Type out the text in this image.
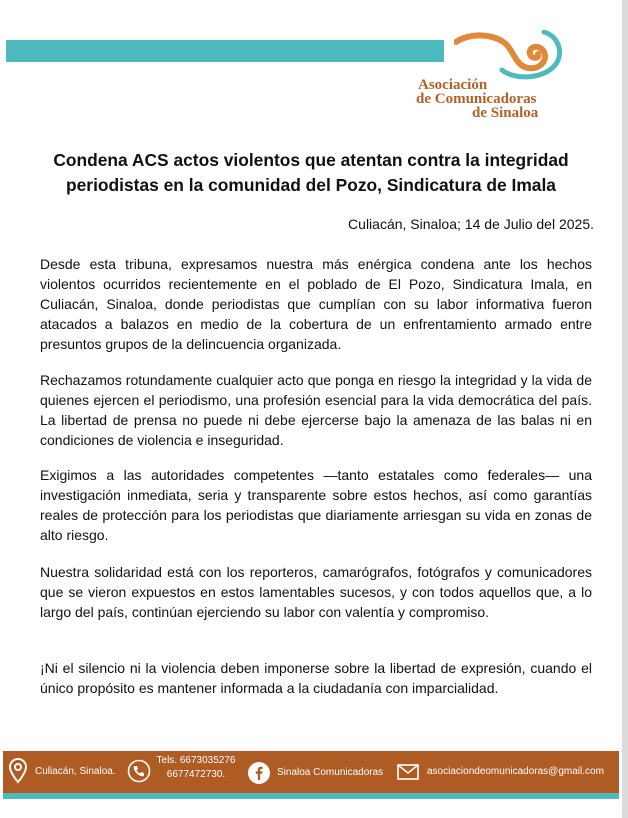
Asociación
de Comunicadoras
de Sinaloa
Condena ACS actos violentos que atentan contra la integridad
periodistas en la comunidad del Pozo, Sindicatura de Imala

Culiacán, Sinaloa; 14 de Julio del 2025.

Desde esta tribuna, expresamos nuestra más enérgica condena ante los hechos violentos ocurridos recientemente en el poblado de El Pozo, Sindicatura Imala, en Culiacán, Sinaloa, donde periodistas que cumplían con su labor informativa fueron atacados a balazos en medio de la cobertura de un enfrentamiento armado entre presuntos grupos de la delincuencia organizada.

Rechazamos rotundamente cualquier acto que ponga en riesgo la integridad y la vida de quienes ejercen el periodismo, una profesión esencial para la vida democrática del país. La libertad de prensa no puede ni debe ejercerse bajo la amenaza de las balas ni en condiciones de violencia e inseguridad.

Exigimos a las autoridades competentes —tanto estatales como federales— una investigación inmediata, seria y transparente sobre estos hechos, así como garantías reales de protección para los periodistas que diariamente arriesgan su vida en zonas de alto riesgo.

Nuestra solidaridad está con los reporteros, camarógrafos, fotógrafos y comunicadores que se vieron expuestos en estos lamentables sucesos, y con todos aquellos que, a lo largo del país, continúan ejerciendo su labor con valentía y compromiso.

¡Ni el silencio ni la violencia deben imponerse sobre la libertad de expresión, cuando el único propósito es mantener informada a la ciudadanía con imparcialidad.

Culiacán, Sinaloa.
Tels. 6673035276
6677472730.	Sinaloa Comunicadoras	asociaciondeomunicadoras@gmail.com
